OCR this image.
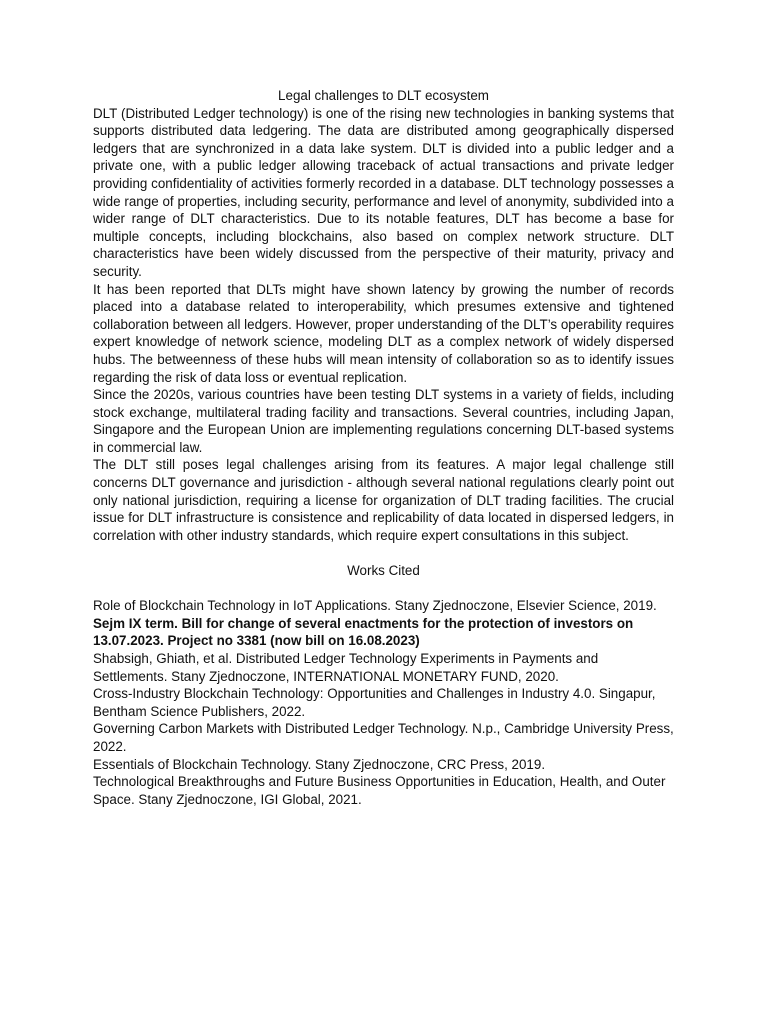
Legal challenges to DLT ecosystem

DLT (Distributed Ledger technology) is one of the rising new technologies in banking systems that supports distributed data ledgering. The data are distributed among geographically dispersed ledgers that are synchronized in a data lake system. DLT is divided into a public ledger and a private one, with a public ledger allowing traceback of actual transactions and private ledger providing confidentiality of activities formerly recorded in a database. DLT technology possesses a wide range of properties, including security, performance and level of anonymity, subdivided into a wider range of DLT characteristics. Due to its notable features, DLT has become a base for multiple concepts, including blockchains, also based on complex network structure. DLT characteristics have been widely discussed from the perspective of their maturity, privacy and security.

It has been reported that DLTs might have shown latency by growing the number of records placed into a database related to interoperability, which presumes extensive and tightened collaboration between all ledgers. However, proper understanding of the DLT’s operability requires expert knowledge of network science, modeling DLT as a complex network of widely dispersed hubs. The betweenness of these hubs will mean intensity of collaboration so as to identify issues regarding the risk of data loss or eventual replication.

Since the 2020s, various countries have been testing DLT systems in a variety of fields, including stock exchange, multilateral trading facility and transactions. Several countries, including Japan, Singapore and the European Union are implementing regulations concerning DLT-based systems in commercial law.

The DLT still poses legal challenges arising from its features. A major legal challenge still concerns DLT governance and jurisdiction - although several national regulations clearly point out only national jurisdiction, requiring a license for organization of DLT trading facilities. The crucial issue for DLT infrastructure is consistence and replicability of data located in dispersed ledgers, in correlation with other industry standards, which require expert consultations in this subject.

Works Cited

Role of Blockchain Technology in IoT Applications. Stany Zjednoczone, Elsevier Science, 2019.

Sejm IX term. Bill for change of several enactments for the protection of investors on 13.07.2023. Project no 3381 (now bill on 16.08.2023)

Shabsigh, Ghiath, et al. Distributed Ledger Technology Experiments in Payments and Settlements. Stany Zjednoczone, INTERNATIONAL MONETARY FUND, 2020.

Cross-Industry Blockchain Technology: Opportunities and Challenges in Industry 4.0. Singapur, Bentham Science Publishers, 2022.

Governing Carbon Markets with Distributed Ledger Technology. N.p., Cambridge University Press, 2022.

Essentials of Blockchain Technology. Stany Zjednoczone, CRC Press, 2019.

Technological Breakthroughs and Future Business Opportunities in Education, Health, and Outer Space. Stany Zjednoczone, IGI Global, 2021.
